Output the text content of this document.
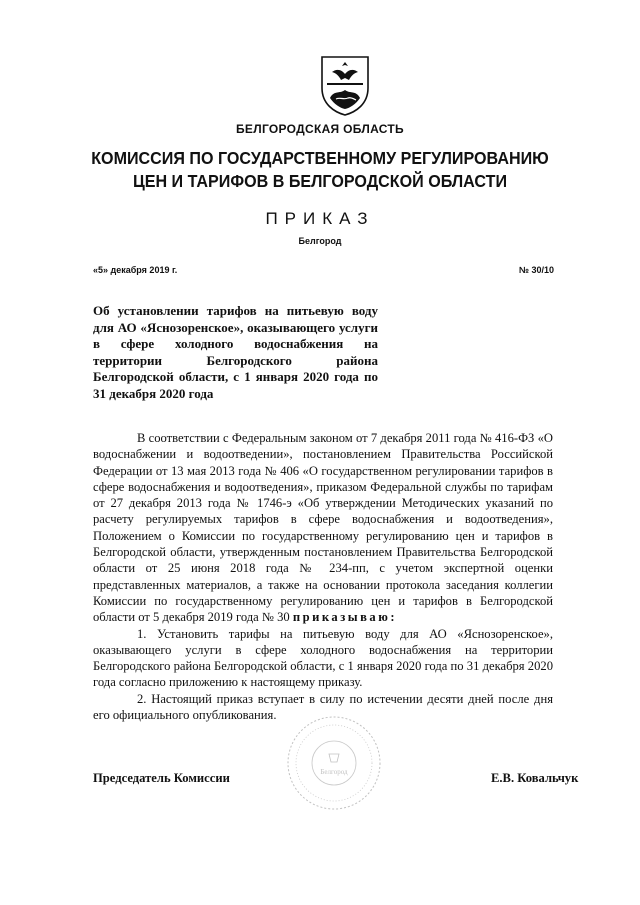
БЕЛГОРОДСКАЯ ОБЛАСТЬ
КОМИССИЯ ПО ГОСУДАРСТВЕННОМУ РЕГУЛИРОВАНИЮ
ЦЕН И ТАРИФОВ В БЕЛГОРОДСКОЙ ОБЛАСТИ
ПРИКАЗ
Белгород
«5» декабря 2019 г.	№ 30/10
Об установлении тарифов на питьевую воду для АО «Яснозоренское», оказывающего услуги в сфере холодного водоснабжения на территории Белгородского района Белгородской области, с 1 января 2020 года по 31 декабря 2020 года

В соответствии с Федеральным законом от 7 декабря 2011 года № 416-ФЗ «О водоснабжении и водоотведении», постановлением Правительства Российской Федерации от 13 мая 2013 года № 406 «О государственном регулировании тарифов в сфере водоснабжения и водоотведения», приказом Федеральной службы по тарифам от 27 декабря 2013 года № 1746-э «Об утверждении Методических указаний по расчету регулируемых тарифов в сфере водоснабжения и водоотведения», Положением о Комиссии по государственному регулированию цен и тарифов в Белгородской области, утвержденным постановлением Правительства Белгородской области от 25 июня 2018 года № 234-пп, с учетом экспертной оценки представленных материалов, а также на основании протокола заседания коллегии Комиссии по государственному регулированию цен и тарифов в Белгородской области от 5 декабря 2019 года № 30 приказываю:

1. Установить тарифы на питьевую воду для АО «Яснозоренское», оказывающего услуги в сфере холодного водоснабжения на территории Белгородского района Белгородской области, с 1 января 2020 года по 31 декабря 2020 года согласно приложению к настоящему приказу.

2. Настоящий приказ вступает в силу по истечении десяти дней после дня его официального опубликования.

Белгород
Председатель Комиссии	Е.В. Ковальчук
